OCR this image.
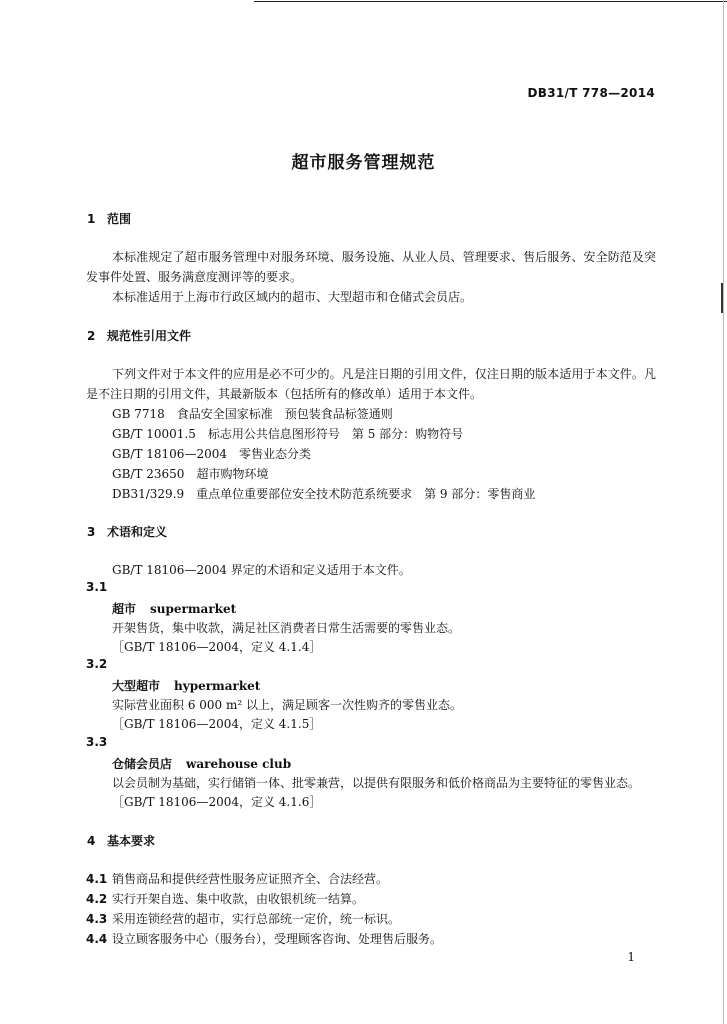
DB31/T 778—2014
超市服务管理规范
1 范围
本标准规定了超市服务管理中对服务环境、服务设施、从业人员、管理要求、售后服务、安全防范及突发事件处置、服务满意度测评等的要求。
本标准适用于上海市行政区域内的超市、大型超市和仓储式会员店。
2 规范性引用文件
下列文件对于本文件的应用是必不可少的。凡是注日期的引用文件，仅注日期的版本适用于本文件。凡是不注日期的引用文件，其最新版本（包括所有的修改单）适用于本文件。
GB 7718　食品安全国家标准　预包装食品标签通则
GB/T 10001.5　标志用公共信息图形符号　第 5 部分：购物符号
GB/T 18106—2004　零售业态分类
GB/T 23650　超市购物环境
DB31/329.9　重点单位重要部位安全技术防范系统要求　第 9 部分：零售商业
3 术语和定义
GB/T 18106—2004 界定的术语和定义适用于本文件。
3.1
超市 supermarket
开架售货，集中收款，满足社区消费者日常生活需要的零售业态。
［GB/T 18106—2004，定义 4.1.4］
3.2
大型超市 hypermarket
实际营业面积 6 000 m² 以上，满足顾客一次性购齐的零售业态。
［GB/T 18106—2004，定义 4.1.5］
3.3
仓储会员店 warehouse club
以会员制为基础，实行储销一体、批零兼营，以提供有限服务和低价格商品为主要特征的零售业态。
［GB/T 18106—2004，定义 4.1.6］
4 基本要求
4.1 销售商品和提供经营性服务应证照齐全、合法经营。
4.2 实行开架自选、集中收款，由收银机统一结算。
4.3 采用连锁经营的超市，实行总部统一定价，统一标识。
4.4 设立顾客服务中心（服务台），受理顾客咨询、处理售后服务。
1
